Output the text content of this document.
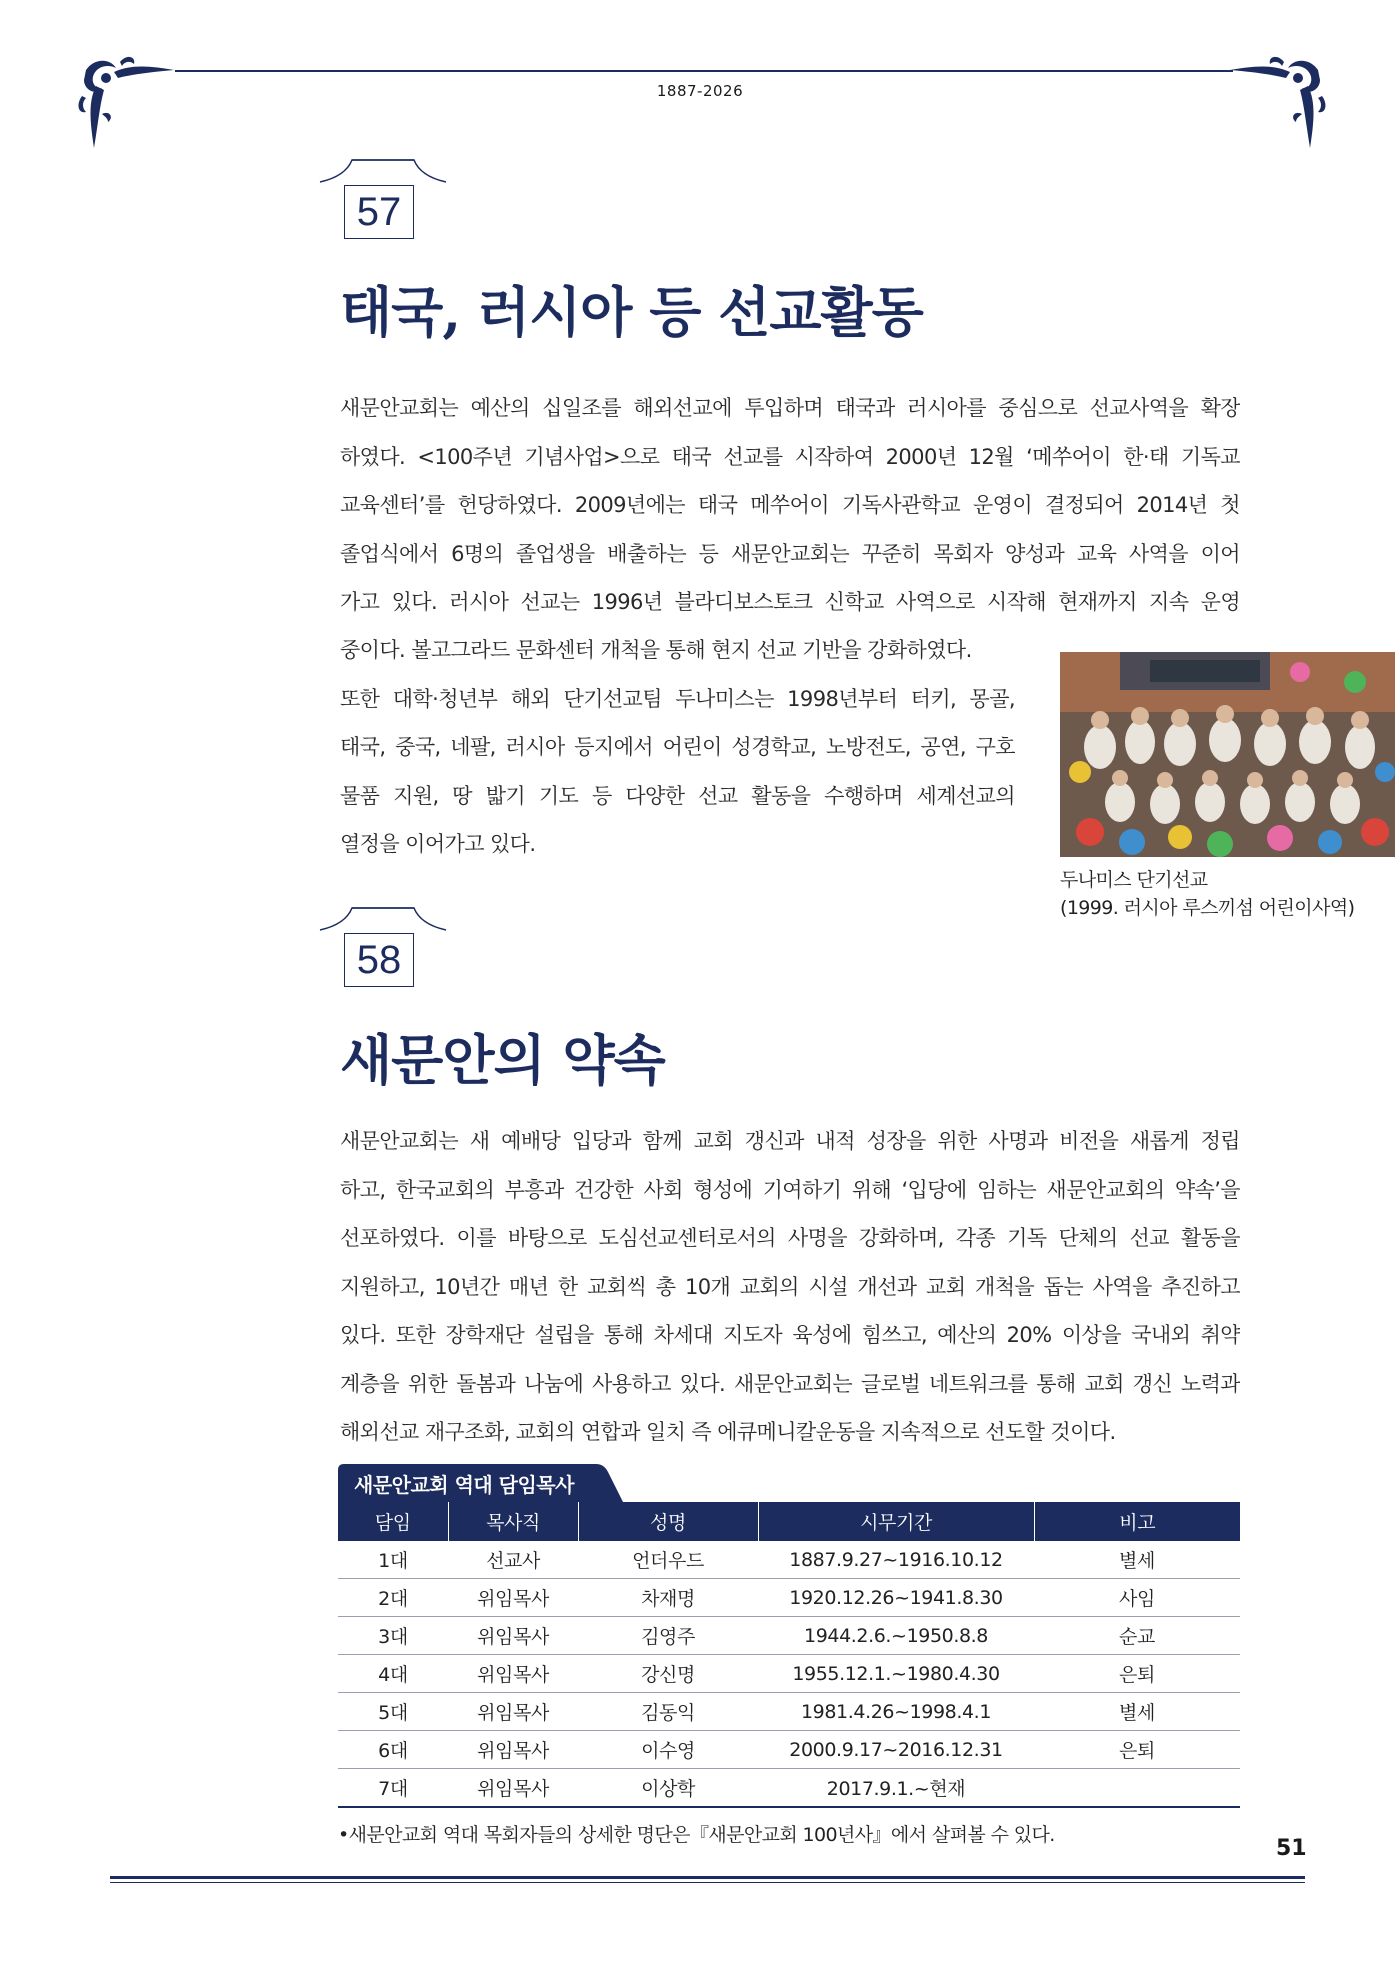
1887-2026
57
태국, 러시아 등 선교활동
새문안교회는 예산의 십일조를 해외선교에 투입하며 태국과 러시아를 중심으로 선교사역을 확장
하였다. <100주년 기념사업>으로 태국 선교를 시작하여 2000년 12월 ‘메쑤어이 한·태 기독교
교육센터’를 헌당하였다. 2009년에는 태국 메쑤어이 기독사관학교 운영이 결정되어 2014년 첫
졸업식에서 6명의 졸업생을 배출하는 등 새문안교회는 꾸준히 목회자 양성과 교육 사역을 이어
가고 있다. 러시아 선교는 1996년 블라디보스토크 신학교 사역으로 시작해 현재까지 지속 운영
중이다. 볼고그라드 문화센터 개척을 통해 현지 선교 기반을 강화하였다.
또한 대학·청년부 해외 단기선교팀 두나미스는 1998년부터 터키, 몽골,
태국, 중국, 네팔, 러시아 등지에서 어린이 성경학교, 노방전도, 공연, 구호
물품 지원, 땅 밟기 기도 등 다양한 선교 활동을 수행하며 세계선교의
열정을 이어가고 있다.
두나미스 단기선교
(1999. 러시아 루스끼섬 어린이사역)
58
새문안의 약속
새문안교회는 새 예배당 입당과 함께 교회 갱신과 내적 성장을 위한 사명과 비전을 새롭게 정립
하고, 한국교회의 부흥과 건강한 사회 형성에 기여하기 위해 ‘입당에 임하는 새문안교회의 약속’을
선포하였다. 이를 바탕으로 도심선교센터로서의 사명을 강화하며, 각종 기독 단체의 선교 활동을
지원하고, 10년간 매년 한 교회씩 총 10개 교회의 시설 개선과 교회 개척을 돕는 사역을 추진하고
있다. 또한 장학재단 설립을 통해 차세대 지도자 육성에 힘쓰고, 예산의 20% 이상을 국내외 취약
계층을 위한 돌봄과 나눔에 사용하고 있다. 새문안교회는 글로벌 네트워크를 통해 교회 갱신 노력과
해외선교 재구조화, 교회의 연합과 일치 즉 에큐메니칼운동을 지속적으로 선도할 것이다.
새문안교회 역대 담임목사
담임	목사직	성명	시무기간	비고
1대	선교사	언더우드	1887.9.27~1916.10.12	별세
2대	위임목사	차재명	1920.12.26~1941.8.30	사임
3대	위임목사	김영주	1944.2.6.~1950.8.8	순교
4대	위임목사	강신명	1955.12.1.~1980.4.30	은퇴
5대	위임목사	김동익	1981.4.26~1998.4.1	별세
6대	위임목사	이수영	2000.9.17~2016.12.31	은퇴
7대	위임목사	이상학	2017.9.1.~현재	
•새문안교회 역대 목회자들의 상세한 명단은『새문안교회 100년사』에서 살펴볼 수 있다.
51
